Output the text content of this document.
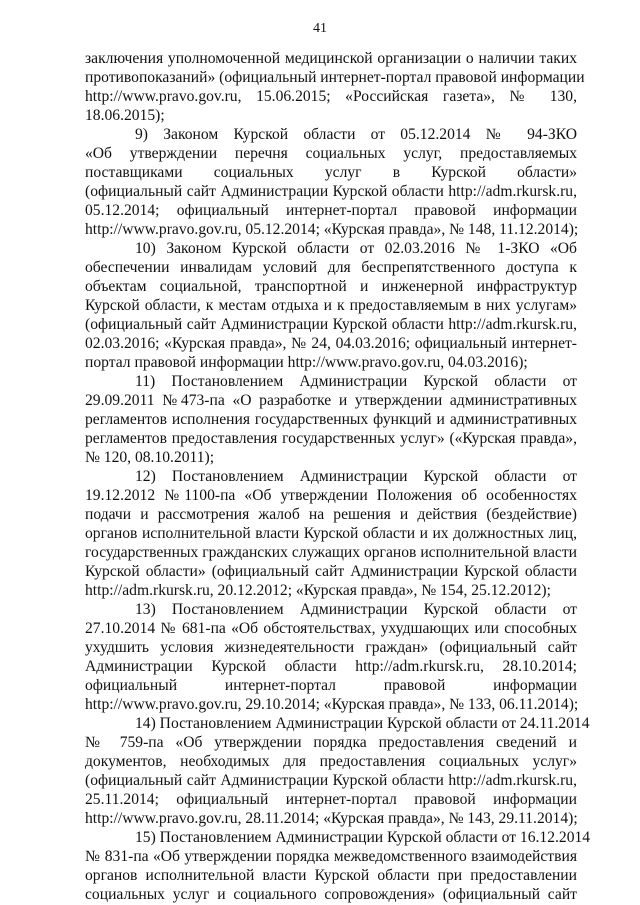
41
заключения уполномоченной медицинской организации о наличии таких
противопоказаний» (официальный интернет-портал правовой информации
http://www.pravo.gov.ru, 15.06.2015; «Российская газета», № 130,
18.06.2015);
9) Законом Курской области от 05.12.2014 № 94-ЗКО
«Об утверждении перечня социальных услуг, предоставляемых
поставщиками социальных услуг в Курской области»
(официальный сайт Администрации Курской области http://adm.rkursk.ru,
05.12.2014; официальный интернет-портал правовой информации
http://www.pravo.gov.ru, 05.12.2014; «Курская правда», № 148, 11.12.2014);
10) Законом Курской области от 02.03.2016 № 1-ЗКО «Об
обеспечении инвалидам условий для беспрепятственного доступа к
объектам социальной, транспортной и инженерной инфраструктур
Курской области, к местам отдыха и к предоставляемым в них услугам»
(официальный сайт Администрации Курской области http://adm.rkursk.ru,
02.03.2016; «Курская правда», № 24, 04.03.2016; официальный интернет-
портал правовой информации http://www.pravo.gov.ru, 04.03.2016);
11) Постановлением Администрации Курской области от
29.09.2011 №473-па «О разработке и утверждении административных
регламентов исполнения государственных функций и административных
регламентов предоставления государственных услуг» («Курская правда»,
№ 120, 08.10.2011);
12) Постановлением Администрации Курской области от
19.12.2012 №1100-па «Об утверждении Положения об особенностях
подачи и рассмотрения жалоб на решения и действия (бездействие)
органов исполнительной власти Курской области и их должностных лиц,
государственных гражданских служащих органов исполнительной власти
Курской области» (официальный сайт Администрации Курской области
http://adm.rkursk.ru, 20.12.2012; «Курская правда», № 154, 25.12.2012);
13) Постановлением Администрации Курской области от
27.10.2014 № 681-па «Об обстоятельствах, ухудшающих или способных
ухудшить условия жизнедеятельности граждан» (официальный сайт
Администрации Курской области http://adm.rkursk.ru, 28.10.2014;
официальный интернет-портал правовой информации
http://www.pravo.gov.ru, 29.10.2014; «Курская правда», № 133, 06.11.2014);
14) Постановлением Администрации Курской области от 24.11.2014
№ 759-па «Об утверждении порядка предоставления сведений и
документов, необходимых для предоставления социальных услуг»
(официальный сайт Администрации Курской области http://adm.rkursk.ru,
25.11.2014; официальный интернет-портал правовой информации
http://www.pravo.gov.ru, 28.11.2014; «Курская правда», № 143, 29.11.2014);
15) Постановлением Администрации Курской области от 16.12.2014
№ 831-па «Об утверждении порядка межведомственного взаимодействия
органов исполнительной власти Курской области при предоставлении
социальных услуг и социального сопровождения» (официальный сайт
